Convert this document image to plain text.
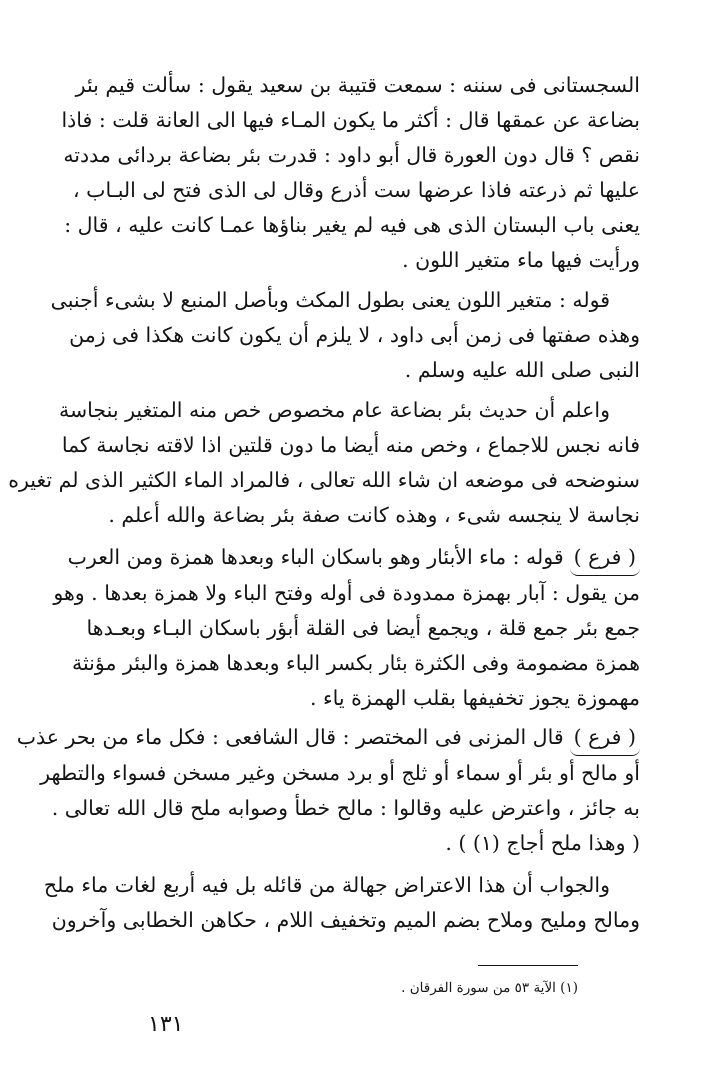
السجستانى فى سننه : سمعت قتيبة بن سعيد يقول : سألت قيم بئر
بضاعة عن عمقها قال : أكثر ما يكون المـاء فيها الى العانة قلت : فاذا
نقص ؟ قال دون العورة قال أبو داود : قدرت بئر بضاعة بردائى مددته
عليها ثم ذرعته فاذا عرضها ست أذرع وقال لى الذى فتح لى البـاب ،
يعنى باب البستان الذى هى فيه لم يغير بناؤها عمـا كانت عليه ، قال :
ورأيت فيها ماء متغير اللون .
قوله : متغير اللون يعنى بطول المكث وبأصل المنبع لا بشىء أجنبى
وهذه صفتها فى زمن أبى داود ، لا يلزم أن يكون كانت هكذا فى زمن
النبى صلى الله عليه وسلم .
واعلم أن حديث بئر بضاعة عام مخصوص خص منه المتغير بنجاسة
فانه نجس للاجماع ، وخص منه أيضا ما دون قلتين اذا لاقته نجاسة كما
سنوضحه فى موضعه ان شاء الله تعالى ، فالمراد الماء الكثير الذى لم تغيره
نجاسة لا ينجسه شىء ، وهذه كانت صفة بئر بضاعة والله أعلم .
( فرع )قوله : ماء الأبئار وهو باسكان الباء وبعدها همزة ومن العرب
من يقول : آبار بهمزة ممدودة فى أوله وفتح الباء ولا همزة بعدها . وهو
جمع بئر جمع قلة ، ويجمع أيضا فى القلة أبؤر باسكان البـاء وبعـدها
همزة مضمومة وفى الكثرة بئار بكسر الباء وبعدها همزة والبئر مؤنثة
مهموزة يجوز تخفيفها بقلب الهمزة ياء .
( فرع )قال المزنى فى المختصر : قال الشافعى : فكل ماء من بحر عذب
أو مالح أو بئر أو سماء أو ثلج أو برد مسخن وغير مسخن فسواء والتطهر
به جائز ، واعترض عليه وقالوا : مالح خطأ وصوابه ملح قال الله تعالى .
( وهذا ملح أجاج (١) ) .
والجواب أن هذا الاعتراض جهالة من قائله بل فيه أربع لغات ماء ملح
ومالح ومليح وملاح بضم الميم وتخفيف اللام ، حكاهن الخطابى وآخرون
(١) الآية ٥٣ من سورة الفرقان .
١٣١
